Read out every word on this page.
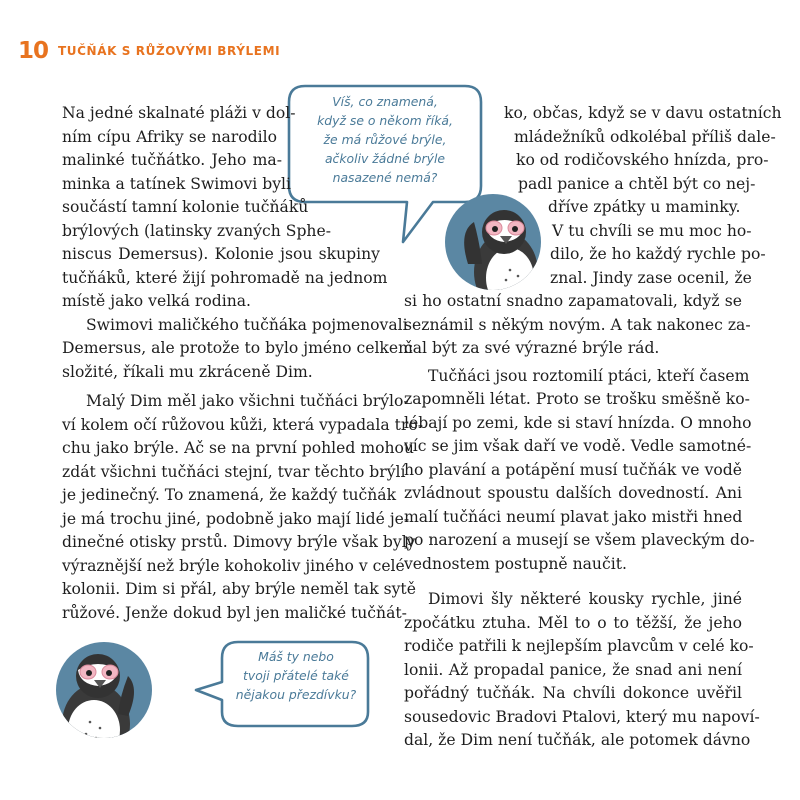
10 TUČŇÁK S RŮŽOVÝMI BRÝLEMI
Víš, co znamená,
když se o někom říká,
že má růžové brýle,
ačkoliv žádné brýle
nasazené nemá?
Máš ty nebo
tvoji přátelé také
nějakou přezdívku?
Na jedné skalnaté pláži v dol-
ním cípu Afriky se narodilo
malinké tučňátko. Jeho ma-
minka a tatínek Swimovi byli
součástí tamní kolonie tučňáků
brýlových (latinsky zvaných Sphe-
niscus Demersus). Kolonie jsou skupiny
tučňáků, které žijí pohromadě na jednom
místě jako velká rodina.
Swimovi maličkého tučňáka pojmenovali
Demersus, ale protože to bylo jméno celkem
složité, říkali mu zkráceně Dim.
Malý Dim měl jako všichni tučňáci brýlo-
ví kolem očí růžovou kůži, která vypadala tro-
chu jako brýle. Ač se na první pohled mohou
zdát všichni tučňáci stejní, tvar těchto brýlí
je jedinečný. To znamená, že každý tučňák
je má trochu jiné, podobně jako mají lidé je-
dinečné otisky prstů. Dimovy brýle však byly
výraznější než brýle kohokoliv jiného v celé
kolonii. Dim si přál, aby brýle neměl tak sytě
růžové. Jenže dokud byl jen maličké tučňát-
ko, občas, když se v davu ostatních
mládežníků odkolébal příliš dale-
ko od rodičovského hnízda, pro-
padl panice a chtěl být co nej-
dříve zpátky u maminky.
V tu chvíli se mu moc ho-
dilo, že ho každý rychle po-
znal. Jindy zase ocenil, že
si ho ostatní snadno zapamatovali, když se
seznámil s někým novým. A tak nakonec za-
čal být za své výrazné brýle rád.
Tučňáci jsou roztomilí ptáci, kteří časem
zapomněli létat. Proto se trošku směšně ko-
lébají po zemi, kde si staví hnízda. O mnoho
víc se jim však daří ve vodě. Vedle samotné-
ho plavání a potápění musí tučňák ve vodě
zvládnout spoustu dalších dovedností. Ani
malí tučňáci neumí plavat jako mistři hned
po narození a musejí se všem plaveckým do-
vednostem postupně naučit.
Dimovi šly některé kousky rychle, jiné
zpočátku ztuha. Měl to o to těžší, že jeho
rodiče patřili k nejlepším plavcům v celé ko-
lonii. Až propadal panice, že snad ani není
pořádný tučňák. Na chvíli dokonce uvěřil
sousedovic Bradovi Ptalovi, který mu napoví-
dal, že Dim není tučňák, ale potomek dávno
